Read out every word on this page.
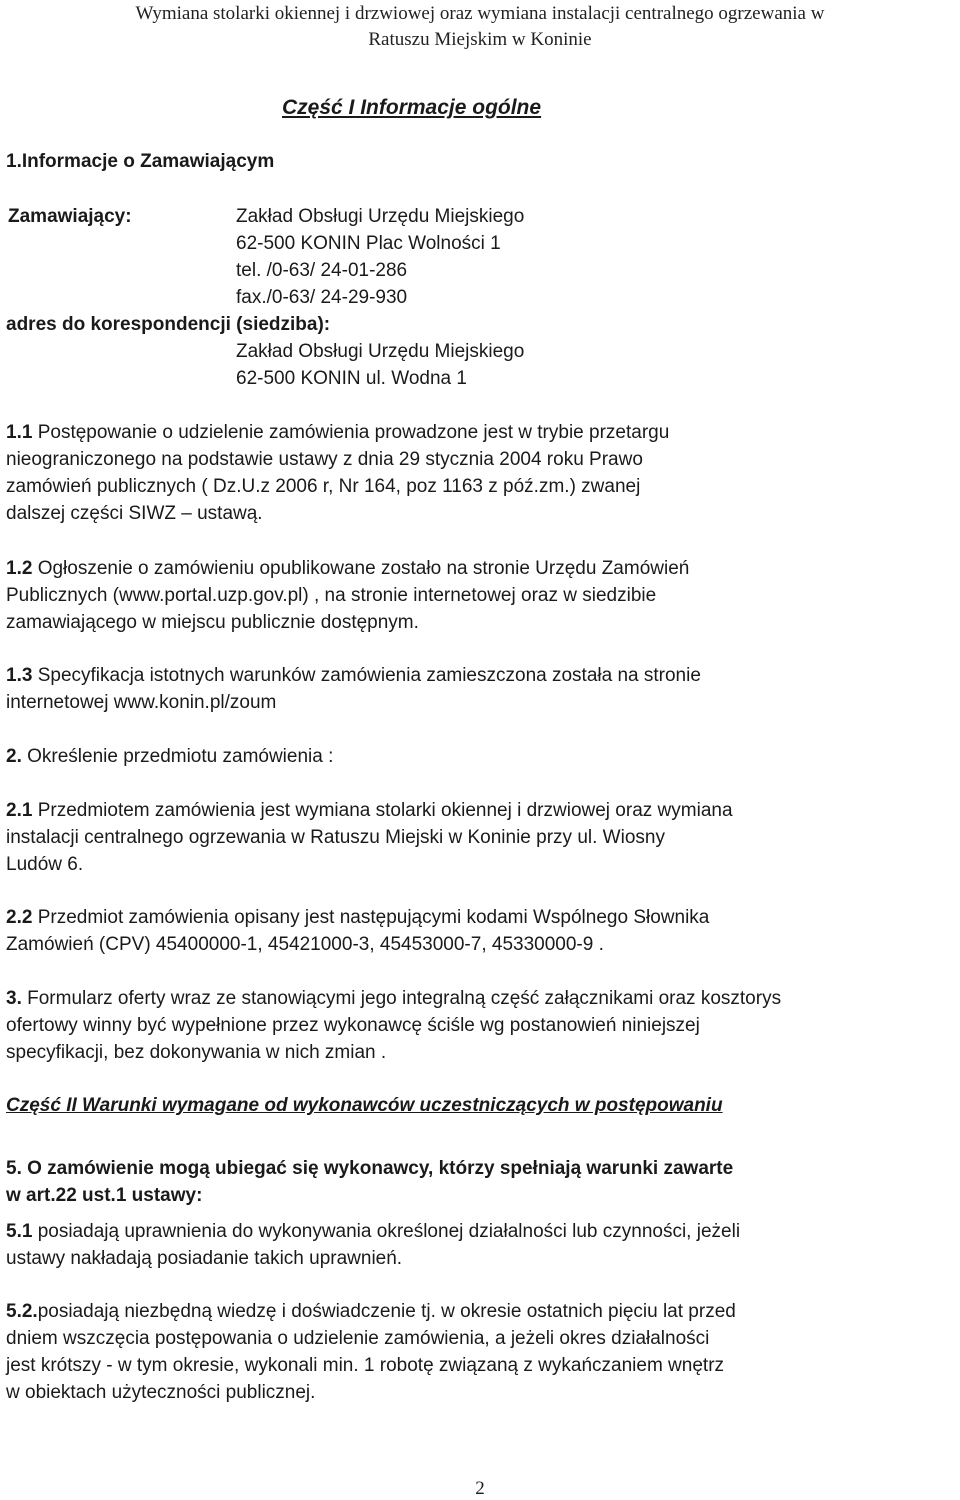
Wymiana stolarki okiennej i drzwiowej oraz wymiana instalacji centralnego ogrzewania w
Ratuszu Miejskim w Koninie
Część I Informacje ogólne
1.Informacje o Zamawiającym
Zamawiający:	Zakład Obsługi Urzędu Miejskiego
62-500 KONIN Plac Wolności 1
tel. /0-63/ 24-01-286
fax./0-63/ 24-29-930
adres do korespondencji (siedziba):
Zakład Obsługi Urzędu Miejskiego
62-500 KONIN ul. Wodna 1
1.1 Postępowanie o udzielenie zamówienia prowadzone jest w trybie przetargu
nieograniczonego na podstawie ustawy z dnia 29 stycznia 2004 roku Prawo
zamówień publicznych ( Dz.U.z 2006 r, Nr 164, poz 1163 z póź.zm.) zwanej
dalszej części SIWZ – ustawą.
1.2 Ogłoszenie o zamówieniu opublikowane zostało na stronie Urzędu Zamówień
Publicznych (www.portal.uzp.gov.pl) , na stronie internetowej oraz w siedzibie
zamawiającego w miejscu publicznie dostępnym.
1.3 Specyfikacja istotnych warunków zamówienia zamieszczona została na stronie
internetowej www.konin.pl/zoum
2. Określenie przedmiotu zamówienia :
2.1 Przedmiotem zamówienia jest wymiana stolarki okiennej i drzwiowej oraz wymiana
instalacji centralnego ogrzewania w Ratuszu Miejski w Koninie przy ul. Wiosny
Ludów 6.
2.2 Przedmiot zamówienia opisany jest następującymi kodami Wspólnego Słownika
Zamówień (CPV) 45400000-1, 45421000-3, 45453000-7, 45330000-9 .
3. Formularz oferty wraz ze stanowiącymi jego integralną część załącznikami oraz kosztorys
ofertowy winny być wypełnione przez wykonawcę ściśle wg postanowień niniejszej
specyfikacji, bez dokonywania w nich zmian .
Część II Warunki wymagane od wykonawców uczestniczących w postępowaniu
5. O zamówienie mogą ubiegać się wykonawcy, którzy spełniają warunki zawarte
w art.22 ust.1 ustawy:
5.1 posiadają uprawnienia do wykonywania określonej działalności lub czynności, jeżeli
ustawy nakładają posiadanie takich uprawnień.
5.2.posiadają niezbędną wiedzę i doświadczenie tj. w okresie ostatnich pięciu lat przed
dniem wszczęcia postępowania o udzielenie zamówienia, a jeżeli okres działalności
jest krótszy - w tym okresie, wykonali min. 1 robotę związaną z wykańczaniem wnętrz
w obiektach użyteczności publicznej.
2
